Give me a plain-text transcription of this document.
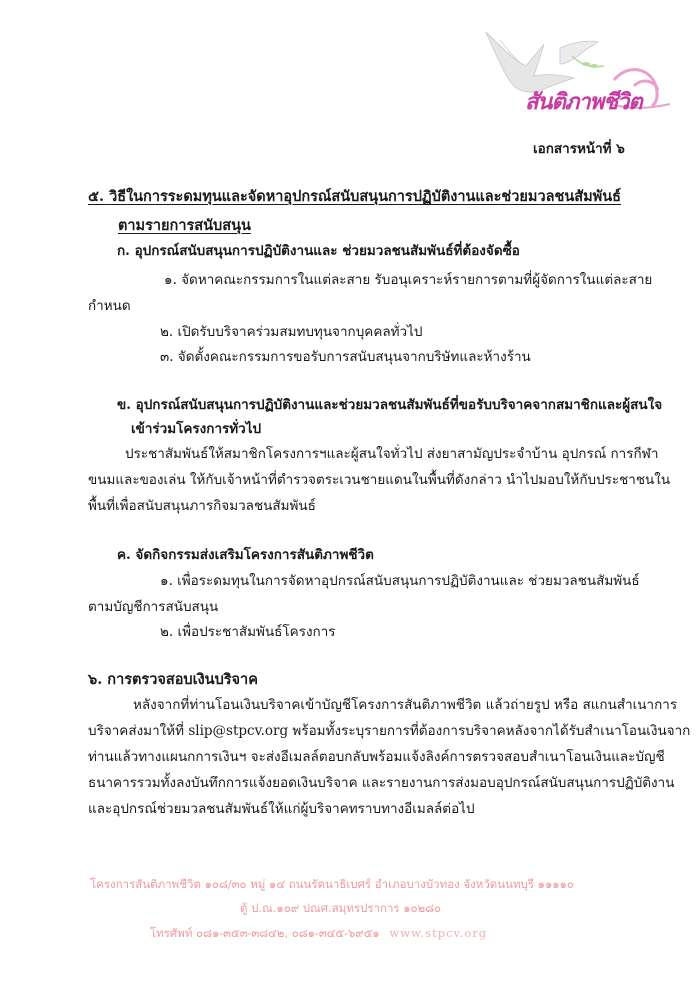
สันติภาพชีวิต
เอกสารหน้าที่ ๖
๕. วิธีในการระดมทุนและจัดหาอุปกรณ์สนับสนุนการปฏิบัติงานและช่วยมวลชนสัมพันธ์
ตามรายการสนับสนุน
ก. อุปกรณ์สนับสนุนการปฏิบัติงานและ ช่วยมวลชนสัมพันธ์ที่ต้องจัดซื้อ
๑. จัดหาคณะกรรมการในแต่ละสาย รับอนุเคราะห์รายการตามที่ผู้จัดการในแต่ละสาย
กำหนด
๒. เปิดรับบริจาคร่วมสมทบทุนจากบุคคลทั่วไป
๓. จัดตั้งคณะกรรมการขอรับการสนับสนุนจากบริษัทและห้างร้าน
ข. อุปกรณ์สนับสนุนการปฏิบัติงานและช่วยมวลชนสัมพันธ์ที่ขอรับบริจาคจากสมาชิกและผู้สนใจ
เข้าร่วมโครงการทั่วไป
ประชาสัมพันธ์ให้สมาชิกโครงการฯและผู้สนใจทั่วไป ส่งยาสามัญประจำบ้าน อุปกรณ์ การกีฬา
ขนมและของเล่น ให้กับเจ้าหน้าที่ตำรวจตระเวนชายแดนในพื้นที่ดังกล่าว นำไปมอบให้กับประชาชนใน
พื้นที่เพื่อสนับสนุนภารกิจมวลชนสัมพันธ์
ค. จัดกิจกรรมส่งเสริมโครงการสันติภาพชีวิต
๑. เพื่อระดมทุนในการจัดหาอุปกรณ์สนับสนุนการปฏิบัติงานและ ช่วยมวลชนสัมพันธ์
ตามบัญชีการสนับสนุน
๒. เพื่อประชาสัมพันธ์โครงการ
๖. การตรวจสอบเงินบริจาค
หลังจากที่ท่านโอนเงินบริจาคเข้าบัญชีโครงการสันติภาพชีวิต แล้วถ่ายรูป หรือ สแกนสำเนาการ
บริจาคส่งมาให้ที่ slip@stpcv.org พร้อมทั้งระบุรายการที่ต้องการบริจาคหลังจากได้รับสำเนาโอนเงินจาก
ท่านแล้วทางแผนกการเงินฯ จะส่งอีเมลล์ตอบกลับพร้อมแจ้งลิงค์การตรวจสอบสำเนาโอนเงินและบัญชี
ธนาคารรวมทั้งลงบันทึกการแจ้งยอดเงินบริจาค และรายงานการส่งมอบอุปกรณ์สนับสนุนการปฏิบัติงาน
และอุปกรณ์ช่วยมวลชนสัมพันธ์ให้แก่ผู้บริจาคทราบทางอีเมลล์ต่อไป
โครงการสันติภาพชีวิต ๑๐๘/๓๐ หมู่ ๑๔ ถนนรัตนาธิเบศร์ อำเภอบางบัวทอง จังหวัดนนทบุรี ๑๑๑๑๐
ตู้ ป.ณ.๑๐๙ ปณศ.สมุทรปราการ ๑๐๒๘๐
โทรศัพท์ ๐๘๑-๓๕๓-๓๘๔๒, ๐๘๑-๓๔๕-๖๙๕๑ www.stpcv.org
